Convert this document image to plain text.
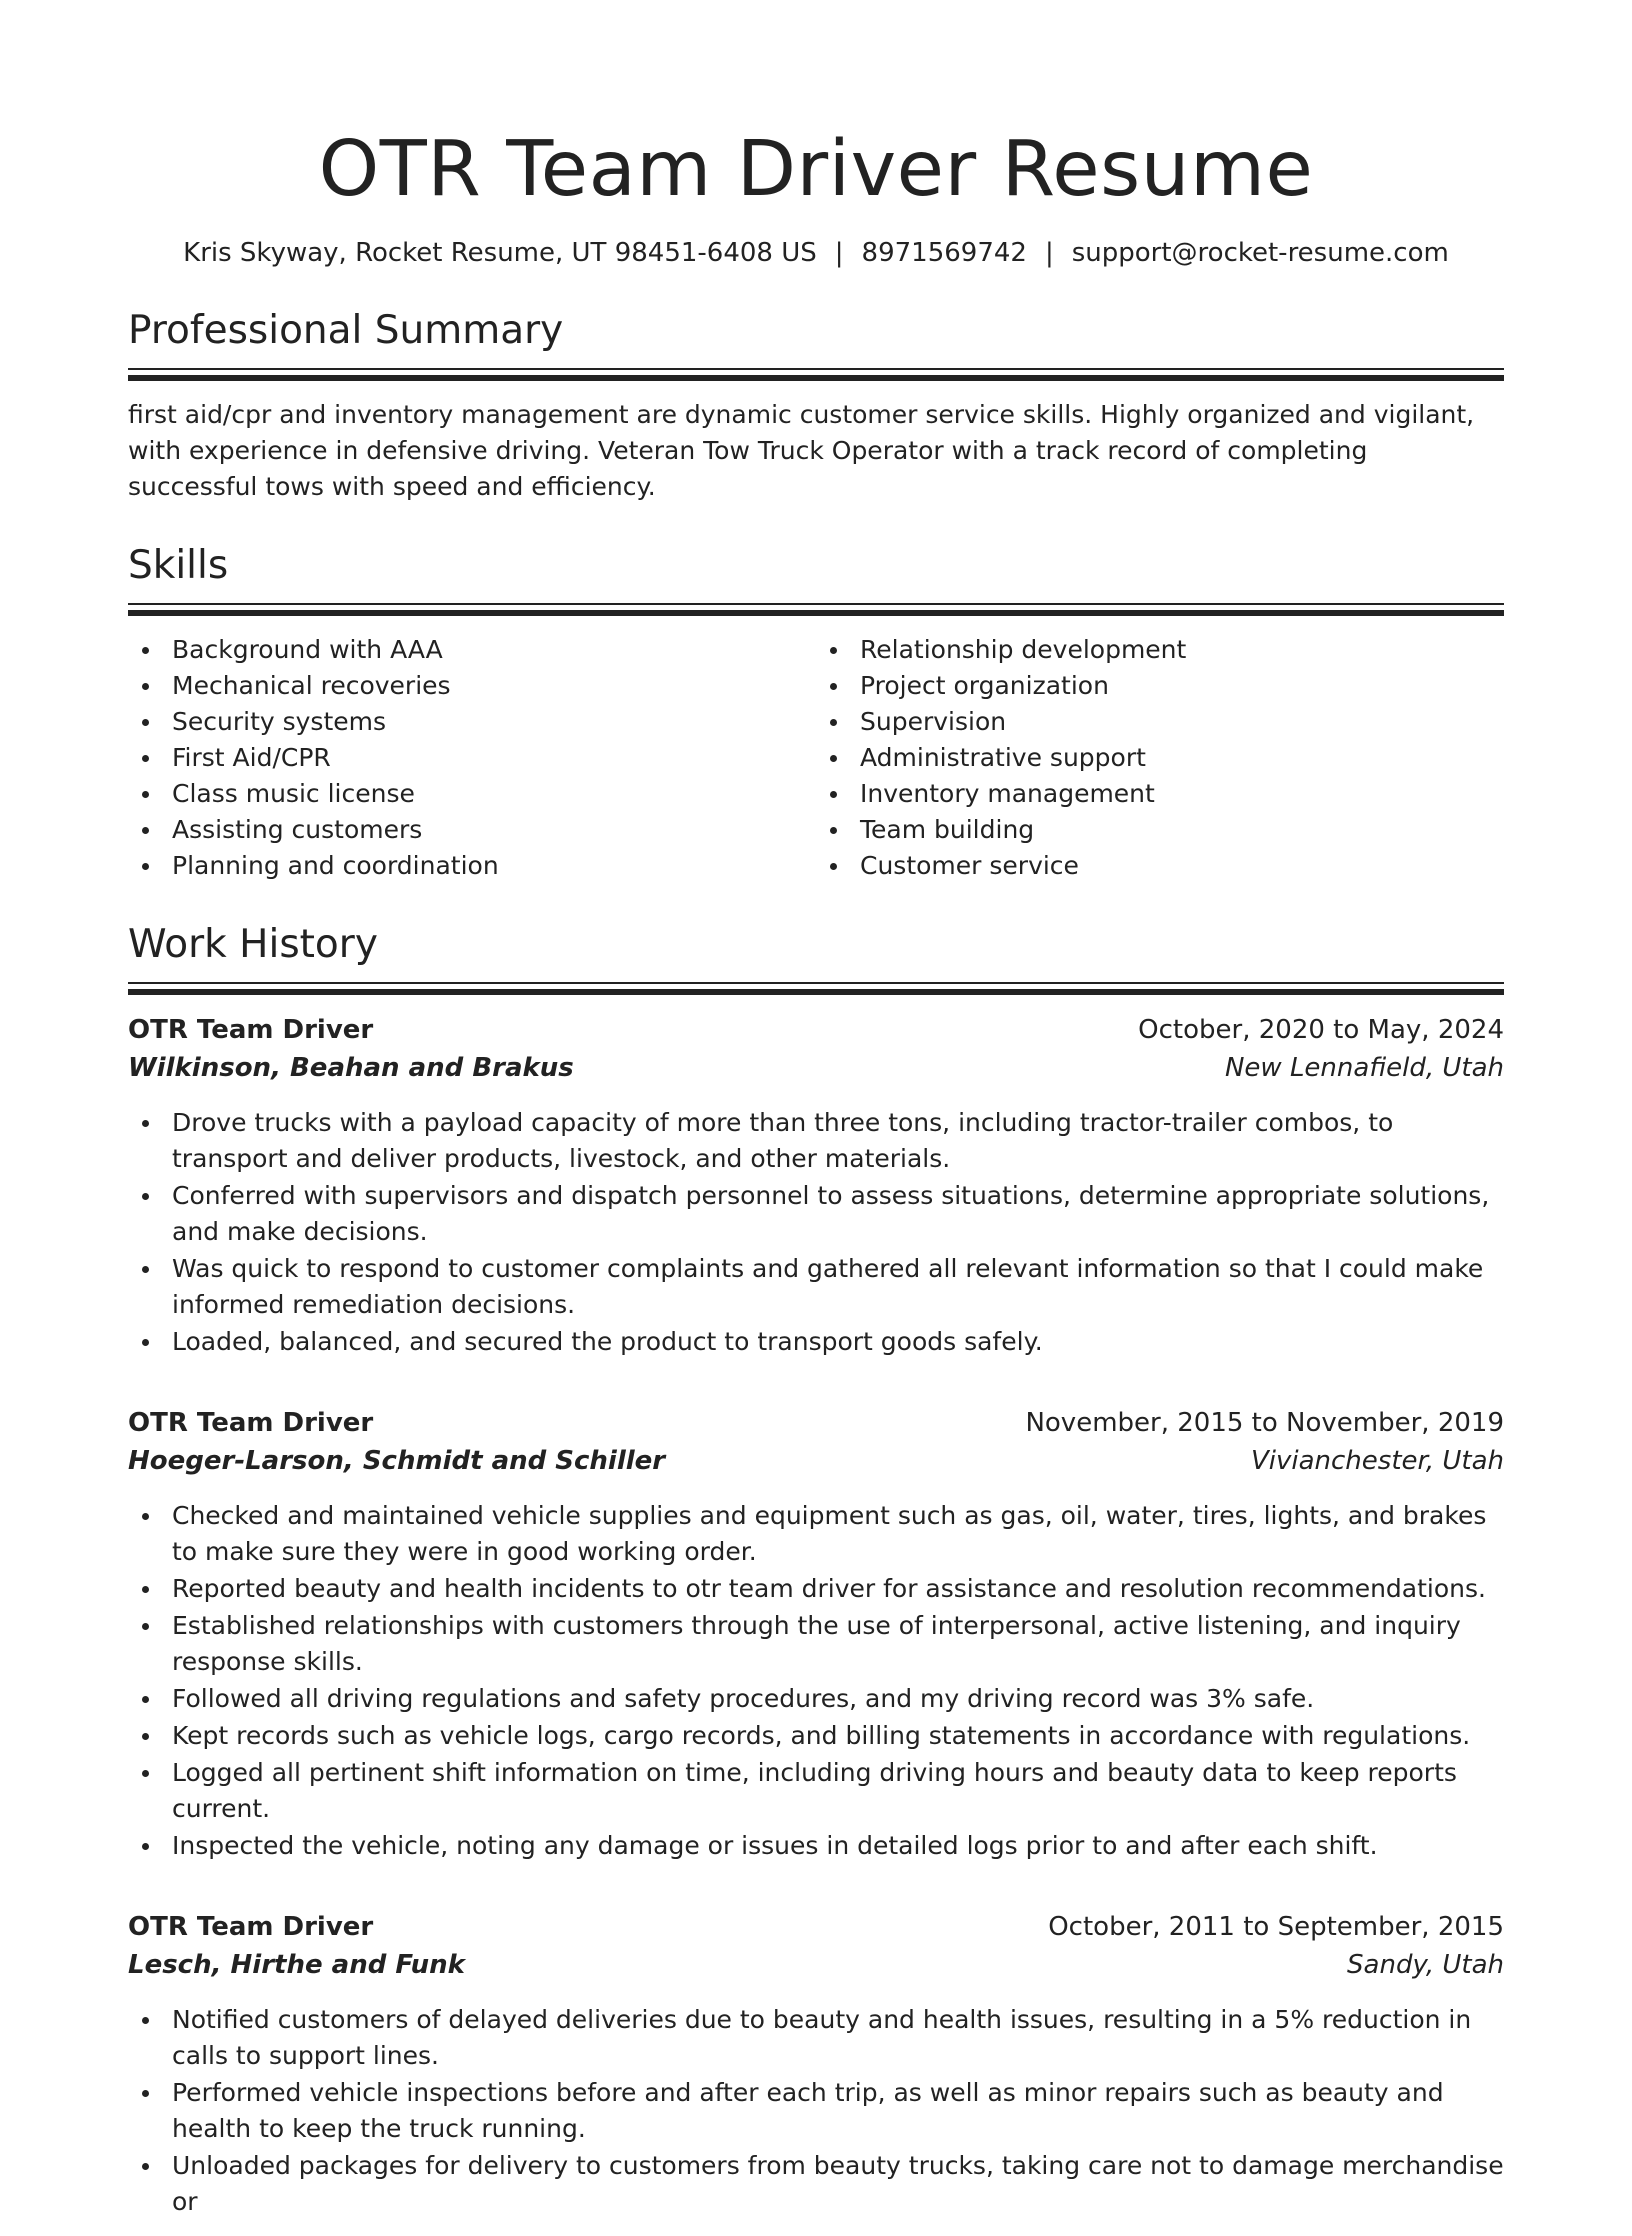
OTR Team Driver Resume
Kris Skyway, Rocket Resume, UT 98451-6408 US | 8971569742 | support@rocket-resume.com
Professional Summary

first aid/cpr and inventory management are dynamic customer service skills. Highly organized and vigilant, with experience in defensive driving. Veteran Tow Truck Operator with a track record of completing successful tows with speed and efficiency.

Skills
Background with AAA
Mechanical recoveries
Security systems
First Aid/CPR
Class music license
Assisting customers
Planning and coordination
Relationship development
Project organization
Supervision
Administrative support
Inventory management
Team building
Customer service
Work History
OTR Team Driver	October, 2020 to May, 2024
Wilkinson, Beahan and Brakus	New Lennafield, Utah
Drove trucks with a payload capacity of more than three tons, including tractor-trailer combos, to transport and deliver products, livestock, and other materials.
Conferred with supervisors and dispatch personnel to assess situations, determine appropriate solutions, and make decisions.
Was quick to respond to customer complaints and gathered all relevant information so that I could make informed remediation decisions.
Loaded, balanced, and secured the product to transport goods safely.
OTR Team Driver	November, 2015 to November, 2019
Hoeger-Larson, Schmidt and Schiller	Vivianchester, Utah
Checked and maintained vehicle supplies and equipment such as gas, oil, water, tires, lights, and brakes to make sure they were in good working order.
Reported beauty and health incidents to otr team driver for assistance and resolution recommendations.
Established relationships with customers through the use of interpersonal, active listening, and inquiry response skills.
Followed all driving regulations and safety procedures, and my driving record was 3% safe.
Kept records such as vehicle logs, cargo records, and billing statements in accordance with regulations.
Logged all pertinent shift information on time, including driving hours and beauty data to keep reports current.
Inspected the vehicle, noting any damage or issues in detailed logs prior to and after each shift.
OTR Team Driver	October, 2011 to September, 2015
Lesch, Hirthe and Funk	Sandy, Utah
Notified customers of delayed deliveries due to beauty and health issues, resulting in a 5% reduction in calls to support lines.
Performed vehicle inspections before and after each trip, as well as minor repairs such as beauty and health to keep the truck running.
Unloaded packages for delivery to customers from beauty trucks, taking care not to damage merchandise or
